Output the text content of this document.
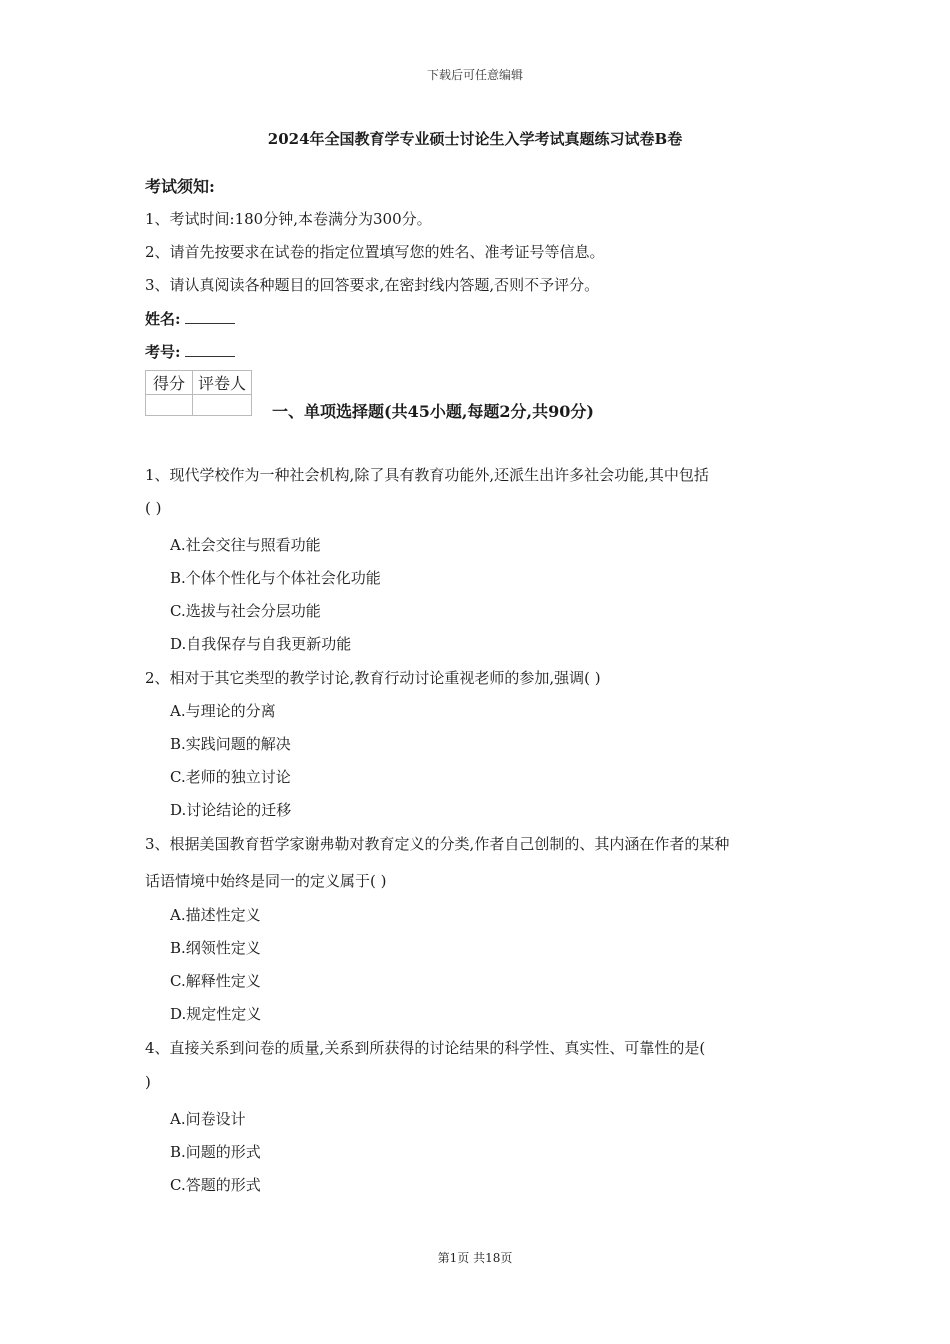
下载后可任意编辑
2024年全国教育学专业硕士讨论生入学考试真题练习试卷B卷
考试须知:
1、考试时间:180分钟,本卷满分为300分。
2、请首先按要求在试卷的指定位置填写您的姓名、准考证号等信息。
3、请认真阅读各种题目的回答要求,在密封线内答题,否则不予评分。
姓名:
考号:
得分	评卷人

一、单项选择题(共45小题,每题2分,共90分)
1、现代学校作为一种社会机构,除了具有教育功能外,还派生出许多社会功能,其中包括
( )
A.社会交往与照看功能
B.个体个性化与个体社会化功能
C.选拔与社会分层功能
D.自我保存与自我更新功能
2、相对于其它类型的教学讨论,教育行动讨论重视老师的参加,强调( )
A.与理论的分离
B.实践问题的解决
C.老师的独立讨论
D.讨论结论的迁移
3、根据美国教育哲学家谢弗勒对教育定义的分类,作者自己创制的、其内涵在作者的某种
话语情境中始终是同一的定义属于( )
A.描述性定义
B.纲领性定义
C.解释性定义
D.规定性定义
4、直接关系到问卷的质量,关系到所获得的讨论结果的科学性、真实性、可靠性的是(
)
A.问卷设计
B.问题的形式
C.答题的形式
第1页 共18页
